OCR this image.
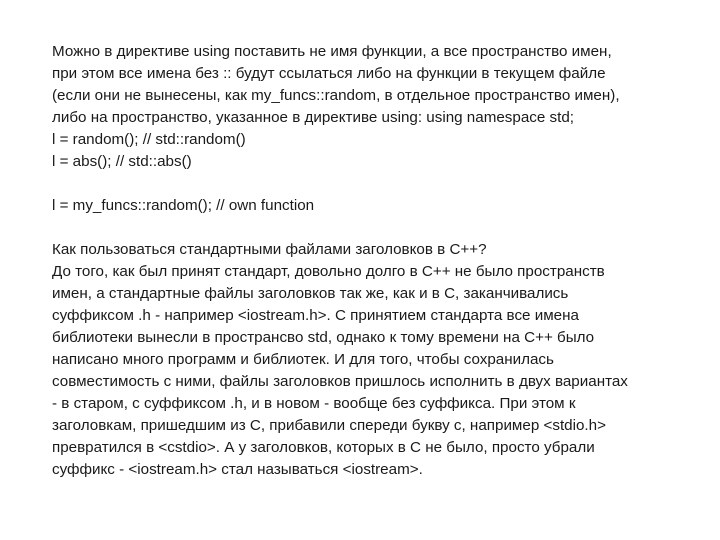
Можно в директиве using поставить не имя функции, а все пространство имен,
при этом все имена без :: будут ссылаться либо на функции в текущем файле
(если они не вынесены, как my_funcs::random, в отдельное пространство имен),
либо на пространство, указанное в директиве using: using namespace std;
l = random(); // std::random()
l = abs(); // std::abs()
l = my_funcs::random(); // own function
Как пользоваться стандартными файлами заголовков в С++?
До того, как был принят стандарт, довольно долго в С++ не было пространств
имен, а стандартные файлы заголовков так же, как и в С, заканчивались
суффиксом .h - например <iostream.h>. С принятием стандарта все имена
библиотеки вынесли в пространсво std, однако к тому времени на С++ было
написано много программ и библиотек. И для того, чтобы сохранилась
совместимость с ними, файлы заголовков пришлось исполнить в двух вариантах
- в старом, с суффиксом .h, и в новом - вообще без суффикса. При этом к
заголовкам, пришедшим из С, прибавили спереди букву c, например <stdio.h>
превратился в <cstdio>. А у заголовков, которых в С не было, просто убрали
суффикс - <iostream.h> стал называться <iostream>.
